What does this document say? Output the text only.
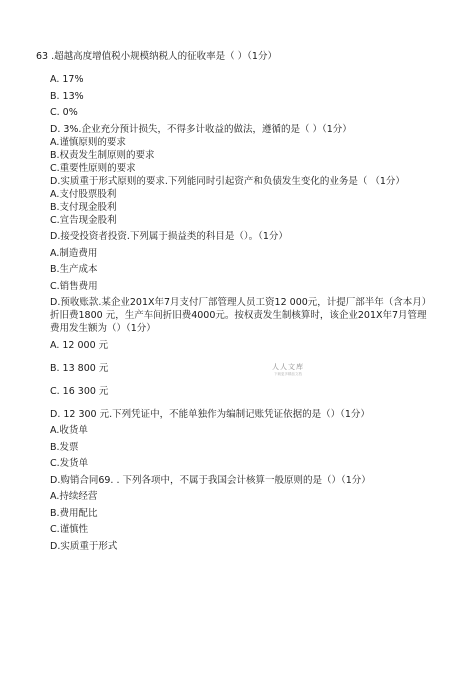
63 .超越高度增值税小规模纳税人的征收率是（ ）（1分）

A. 17%

B. 13%

C. 0%

D. 3%.企业充分预计损失，不得多计收益的做法，遵循的是（ ）（1分）

A.谨慎原则的要求

B.权责发生制原则的要求

C.重要性原则的要求

D.实质重于形式原则的要求.下列能同时引起资产和负债发生变化的业务是（ （1分）

A.支付股票股利

B.支付现金股利

C.宣告现金股利

D.接受投资者投资.下列属于损益类的科目是（）。（1分）

A.制造费用

B.生产成本

C.销售费用

D.预收账款.某企业201X年7月支付厂部管理人员工资12 000元，计提厂部半年（含本月）折旧费1800 元，生产车间折旧费4000元。按权责发生制核算时，该企业201X年7月管理费用发生额为（）（1分）

A. 12 000 元

B. 13 800 元

C. 16 300 元

D. 12 300 元.下列凭证中，不能单独作为编制记账凭证依据的是（）（1分）

A.收货单

B.发票

C.发货单

D.购销合同69. . 下列各项中，不属于我国会计核算一般原则的是（）（1分）

A.持续经营

B.费用配比

C.谨慎性

D.实质重于形式

人人文库
下载更多精品文档
